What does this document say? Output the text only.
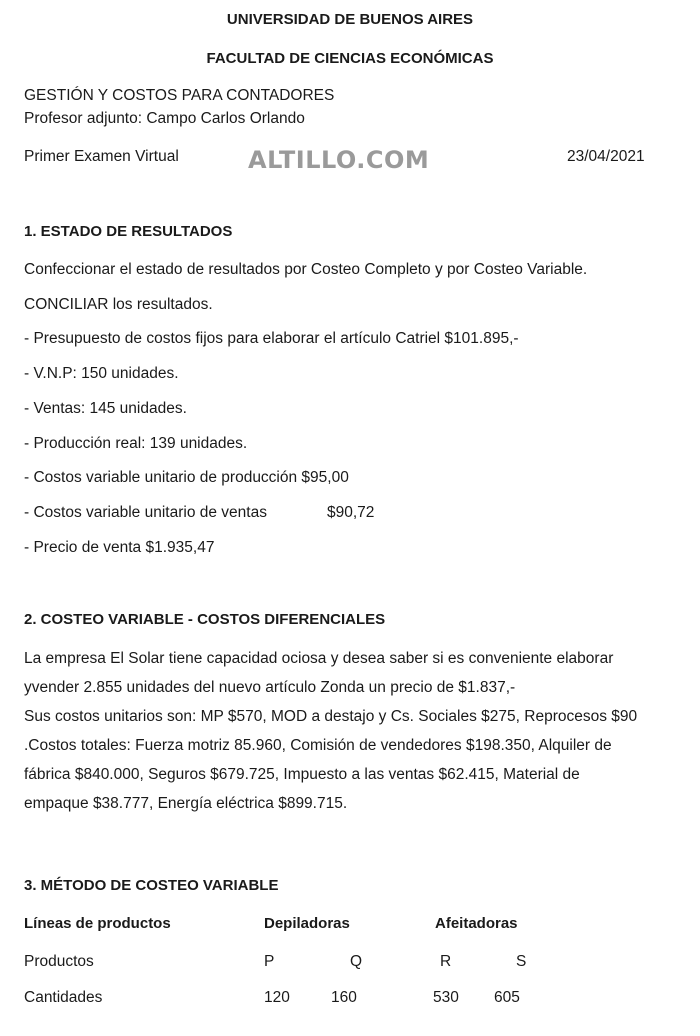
UNIVERSIDAD DE BUENOS AIRES
FACULTAD DE CIENCIAS ECONÓMICAS
GESTIÓN Y COSTOS PARA CONTADORES
Profesor adjunto: Campo Carlos Orlando
Primer Examen Virtual	ALTILLO.COM	23/04/2021
1. ESTADO DE RESULTADOS
Confeccionar el estado de resultados por Costeo Completo y por Costeo Variable.
CONCILIAR los resultados.
- Presupuesto de costos fijos para elaborar el artículo Catriel $101.895,-
- V.N.P: 150 unidades.
- Ventas: 145 unidades.
- Producción real: 139 unidades.
- Costos variable unitario de producción $95,00
- Costos variable unitario de ventas	$90,72
- Precio de venta $1.935,47
2. COSTEO VARIABLE - COSTOS DIFERENCIALES
La empresa El Solar tiene capacidad ociosa y desea saber si es conveniente elaborar
yvender 2.855 unidades del nuevo artículo Zonda un precio de $1.837,-
Sus costos unitarios son: MP $570, MOD a destajo y Cs. Sociales $275, Reprocesos $90
.Costos totales: Fuerza motriz 85.960, Comisión de vendedores $198.350, Alquiler de
fábrica $840.000, Seguros $679.725, Impuesto a las ventas $62.415, Material de
empaque $38.777, Energía eléctrica $899.715.
3. MÉTODO DE COSTEO VARIABLE
Líneas de productos	Depiladoras	Afeitadoras
Productos	P	Q	R	S
Cantidades	120	160	530 605
